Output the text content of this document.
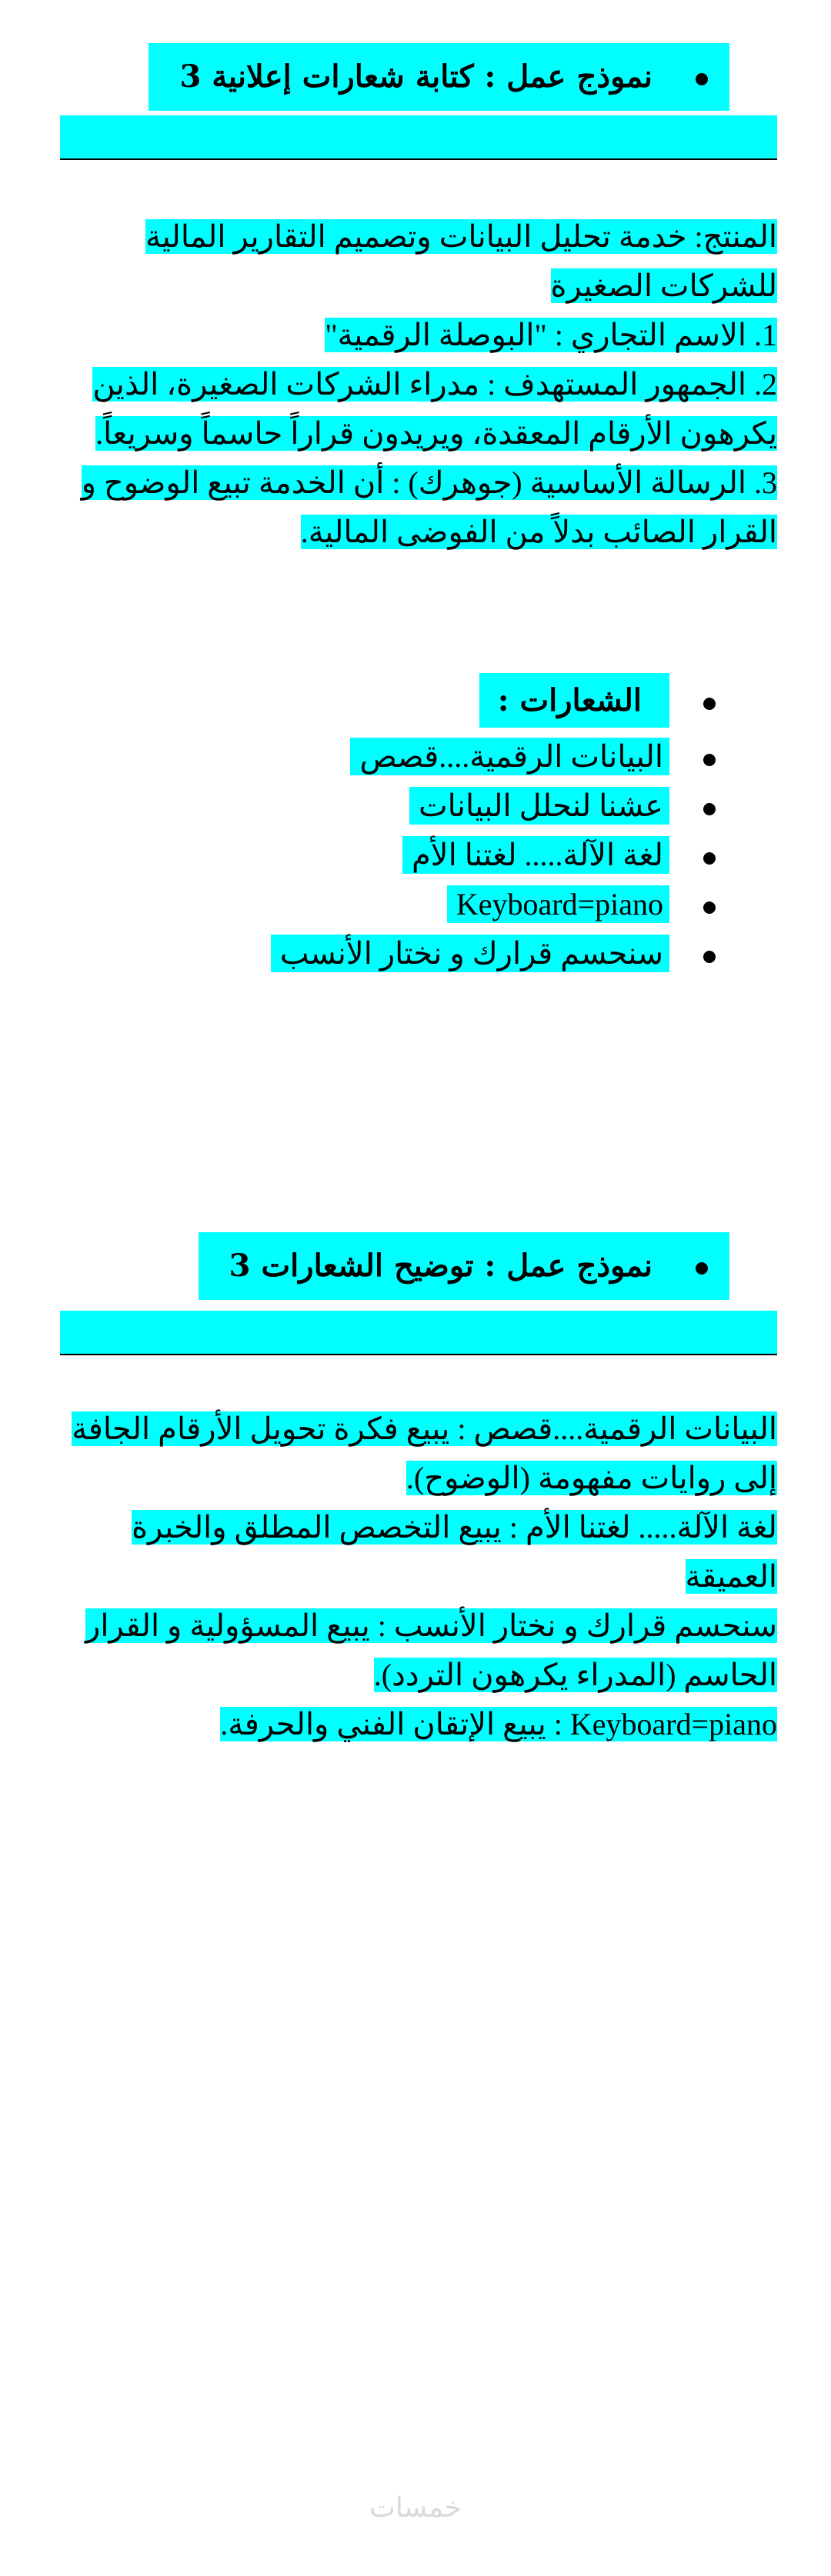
نموذج عمل : كتابة شعارات إعلانية3

المنتج: خدمة تحليل البيانات وتصميم التقارير المالية للشركات الصغيرة

1. الاسم التجاري : "البوصلة الرقمية"

2. الجمهور المستهدف : مدراء الشركات الصغيرة، الذين يكرهون الأرقام المعقدة، ويريدون قراراً حاسماً وسريعاً.

3. الرسالة الأساسية (جوهرك) : أن الخدمة تبيع الوضوح و القرار الصائب بدلاً من الفوضى المالية.

الشعارات :
البيانات الرقمية....قصص
عشنا لنحلل البيانات
لغة الآلة..... لغتنا الأم
Keyboard=piano
سنحسم قرارك و نختار الأنسب
نموذج عمل : توضيح الشعارات3

البيانات الرقمية....قصص : يبيع فكرة تحويل الأرقام الجافة إلى روايات مفهومة (الوضوح).

لغة الآلة..... لغتنا الأم : يبيع التخصص المطلق والخبرة العميقة

سنحسم قرارك و نختار الأنسب : يبيع المسؤولية و القرار الحاسم (المدراء يكرهون التردد).

Keyboard=piano : يبيع الإتقان الفني والحرفة.

خمسات
